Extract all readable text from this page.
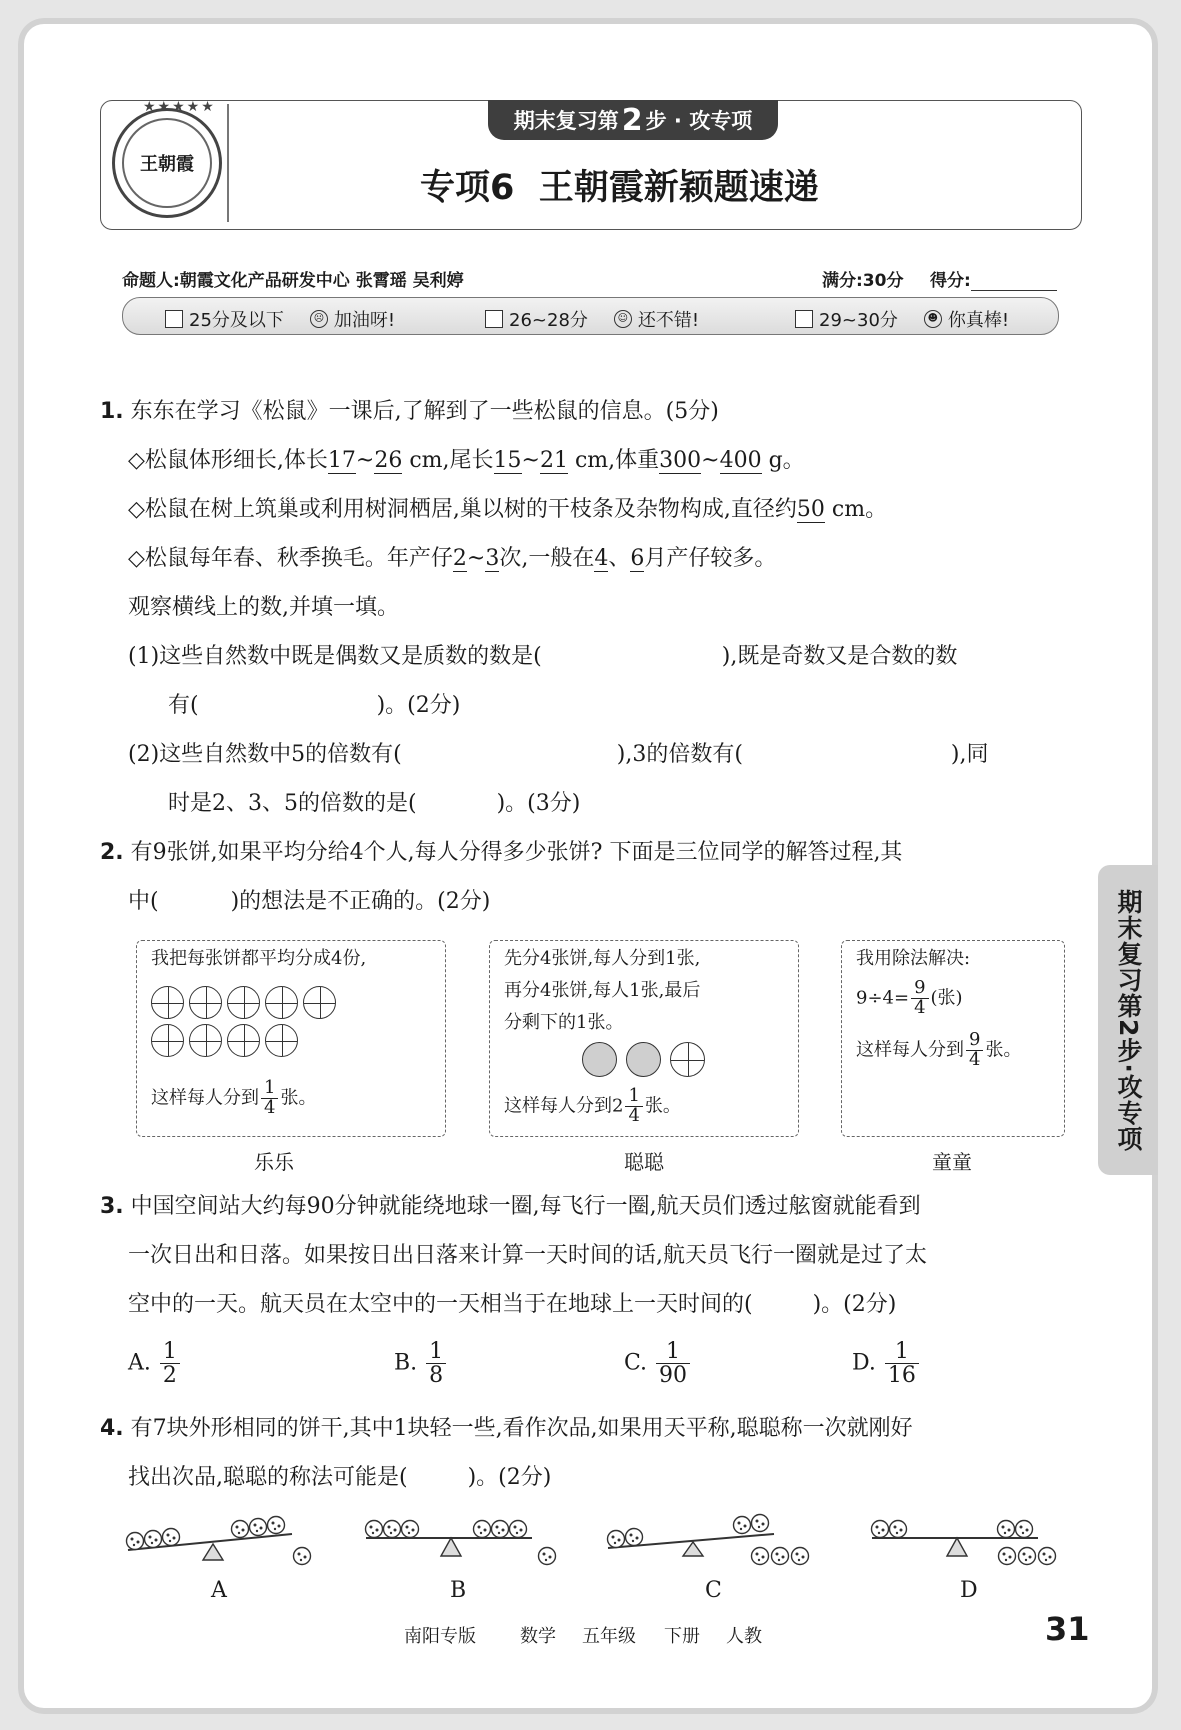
★★★★★
王朝霞
期末复习第 2 步 · 攻专项
专项6  王朝霞新颖题速递
命题人:朝霞文化产品研发中心 张霄瑶 吴利婷	满分:30分 得分:
25分及以下	☹ 加油呀!	26~28分	☺ 还不错!	29~30分	☻ 你真棒!
1. 东东在学习《松鼠》一课后,了解到了一些松鼠的信息。(5分)
◇松鼠体形细长,体长17~26 cm,尾长15~21 cm,体重300~400 g。
◇松鼠在树上筑巢或利用树洞栖居,巢以树的干枝条及杂物构成,直径约50 cm。
◇松鼠每年春、秋季换毛。年产仔2~3次,一般在4、6月产仔较多。
观察横线上的数,并填一填。
(1)这些自然数中既是偶数又是质数的数是(	),既是奇数又是合数的数
有(	)。(2分)
(2)这些自然数中5的倍数有(	),3的倍数有(	),同
时是2、3、5的倍数的是(	)。(3分)
2. 有9张饼,如果平均分给4个人,每人分得多少张饼? 下面是三位同学的解答过程,其
中(	)的想法是不正确的。(2分)
我把每张饼都平均分成4份,
这样每人分到 $\frac{1}{4}$ 张。
乐乐
先分4张饼,每人分到1张,
再分4张饼,每人1张,最后
分剩下的1张。
这样每人分到$2 \frac{1}{4}$ 张。
聪聪
我用除法解决:
$9\div 4= \frac{9}{4}$ (张)
这样每人分到 $\frac{9}{4}$ 张。
童童
3. 中国空间站大约每90分钟就能绕地球一圈,每飞行一圈,航天员们透过舷窗就能看到
一次日出和日落。如果按日出日落来计算一天时间的话,航天员飞行一圈就是过了太
空中的一天。航天员在太空中的一天相当于在地球上一天时间的(	)。(2分)
A. $\frac{1}{2}$	B. $\frac{1}{8}$	C. $\frac{1}{90}$	D. $\frac{1}{16}$
4. 有7块外形相同的饼干,其中1块轻一些,看作次品,如果用天平称,聪聪称一次就刚好
找出次品,聪聪的称法可能是(	)。(2分)
A	B	C	D
期末复习第2步·攻专项
南阳专版 数学 五年级 下册 人教	31
